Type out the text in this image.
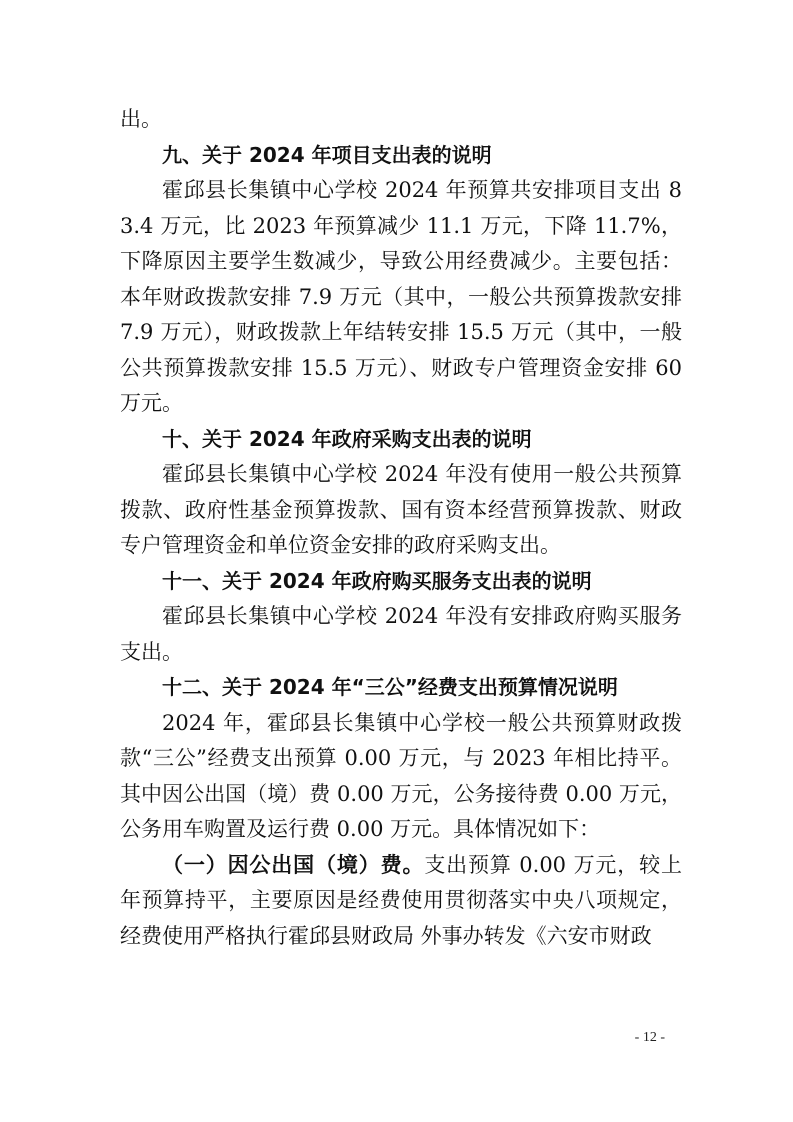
出。

九、关于 2024 年项目支出表的说明

霍邱县长集镇中心学校 2024 年预算共安排项目支出 83.4 万元，比 2023 年预算减少 11.1 万元，下降 11.7%，下降原因主要学生数减少，导致公用经费减少。主要包括：本年财政拨款安排 7.9 万元（其中，一般公共预算拨款安排 7.9 万元），财政拨款上年结转安排 15.5 万元（其中，一般公共预算拨款安排 15.5 万元）、财政专户管理资金安排 60 万元。

十、关于 2024 年政府采购支出表的说明

霍邱县长集镇中心学校 2024 年没有使用一般公共预算拨款、政府性基金预算拨款、国有资本经营预算拨款、财政专户管理资金和单位资金安排的政府采购支出。

十一、关于 2024 年政府购买服务支出表的说明

霍邱县长集镇中心学校 2024 年没有安排政府购买服务支出。

十二、关于 2024 年“三公”经费支出预算情况说明

2024 年，霍邱县长集镇中心学校一般公共预算财政拨款“三公”经费支出预算 0.00 万元，与 2023 年相比持平。其中因公出国（境）费 0.00 万元，公务接待费 0.00 万元，公务用车购置及运行费 0.00 万元。具体情况如下：

（一）因公出国（境）费。支出预算 0.00 万元，较上年预算持平，主要原因是经费使用贯彻落实中央八项规定，经费使用严格执行霍邱县财政局 外事办转发《六安市财政

- 12 -
